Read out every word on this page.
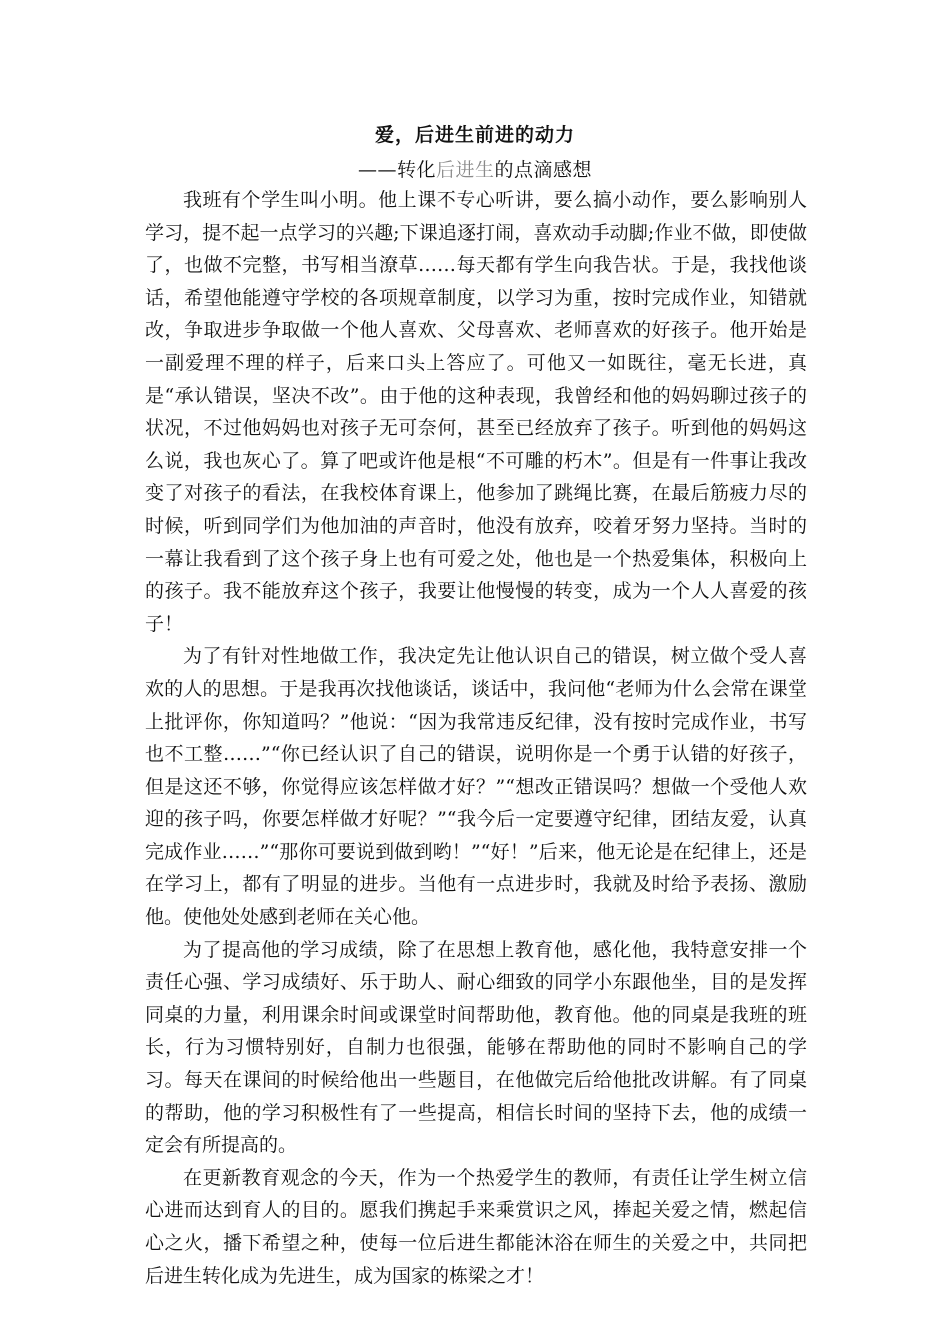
爱，后进生前进的动力
——转化后进生的点滴感想

我班有个学生叫小明。他上课不专心听讲，要么搞小动作，要么影响别人学习，提不起一点学习的兴趣;下课追逐打闹，喜欢动手动脚;作业不做，即使做了，也做不完整，书写相当潦草……每天都有学生向我告状。于是，我找他谈话，希望他能遵守学校的各项规章制度，以学习为重，按时完成作业，知错就改，争取进步争取做一个他人喜欢、父母喜欢、老师喜欢的好孩子。他开始是一副爱理不理的样子，后来口头上答应了。可他又一如既往，毫无长进，真是“承认错误，坚决不改”。由于他的这种表现，我曾经和他的妈妈聊过孩子的状况，不过他妈妈也对孩子无可奈何，甚至已经放弃了孩子。听到他的妈妈这么说，我也灰心了。算了吧或许他是根“不可雕的朽木”。但是有一件事让我改变了对孩子的看法，在我校体育课上，他参加了跳绳比赛，在最后筋疲力尽的时候，听到同学们为他加油的声音时，他没有放弃，咬着牙努力坚持。当时的一幕让我看到了这个孩子身上也有可爱之处，他也是一个热爱集体，积极向上的孩子。我不能放弃这个孩子，我要让他慢慢的转变，成为一个人人喜爱的孩子！

为了有针对性地做工作，我决定先让他认识自己的错误，树立做个受人喜欢的人的思想。于是我再次找他谈话，谈话中，我问他“老师为什么会常在课堂上批评你，你知道吗？”他说：“因为我常违反纪律，没有按时完成作业，书写也不工整……”“你已经认识了自己的错误，说明你是一个勇于认错的好孩子，但是这还不够，你觉得应该怎样做才好？”“想改正错误吗？想做一个受他人欢迎的孩子吗，你要怎样做才好呢？”“我今后一定要遵守纪律，团结友爱，认真完成作业……”“那你可要说到做到哟！”“好！”后来，他无论是在纪律上，还是在学习上，都有了明显的进步。当他有一点进步时，我就及时给予表扬、激励他。使他处处感到老师在关心他。

为了提高他的学习成绩，除了在思想上教育他，感化他，我特意安排一个责任心强、学习成绩好、乐于助人、耐心细致的同学小东跟他坐，目的是发挥同桌的力量，利用课余时间或课堂时间帮助他，教育他。他的同桌是我班的班长，行为习惯特别好，自制力也很强，能够在帮助他的同时不影响自己的学习。每天在课间的时候给他出一些题目，在他做完后给他批改讲解。有了同桌的帮助，他的学习积极性有了一些提高，相信长时间的坚持下去，他的成绩一定会有所提高的。

在更新教育观念的今天，作为一个热爱学生的教师，有责任让学生树立信心进而达到育人的目的。愿我们携起手来乘赏识之风，捧起关爱之情，燃起信心之火，播下希望之种，使每一位后进生都能沐浴在师生的关爱之中，共同把后进生转化成为先进生，成为国家的栋梁之才！
